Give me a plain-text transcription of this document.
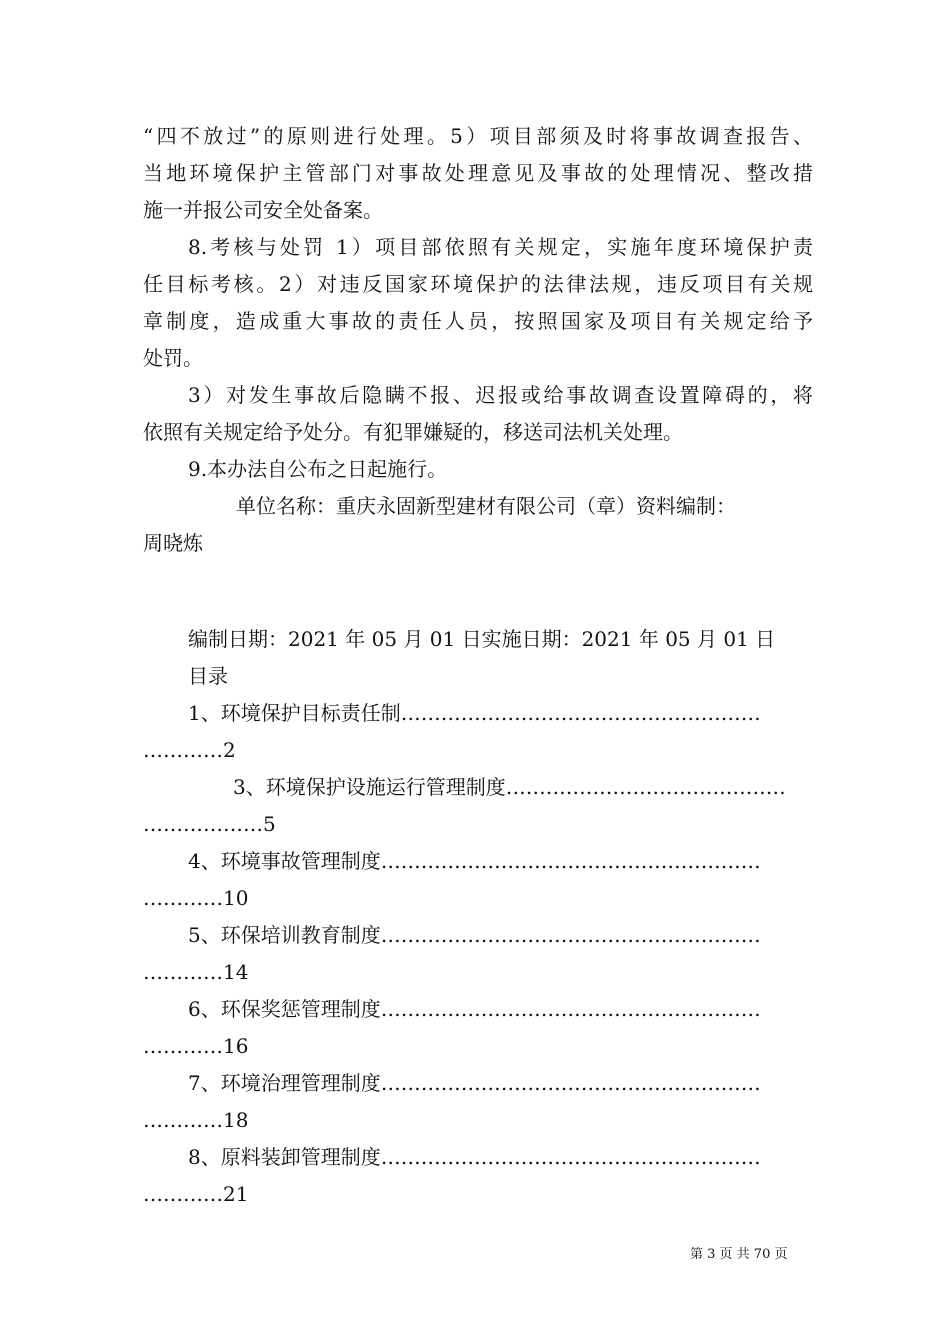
“四不放过”的原则进行处理。5）项目部须及时将事故调查报告、
当地环境保护主管部门对事故处理意见及事故的处理情况、整改措
施一并报公司安全处备案。
8.考核与处罚 1）项目部依照有关规定，实施年度环境保护责
任目标考核。2）对违反国家环境保护的法律法规，违反项目有关规
章制度，造成重大事故的责任人员，按照国家及项目有关规定给予
处罚。
3）对发生事故后隐瞒不报、迟报或给事故调查设置障碍的，将
依照有关规定给予处分。有犯罪嫌疑的，移送司法机关处理。
9.本办法自公布之日起施行。
单位名称：重庆永固新型建材有限公司（章）资料编制：
周晓炼
编制日期：2021 年 05 月 01 日实施日期：2021 年 05 月 01 日
目录
1、环境保护目标责任制………………………………………………
…………2
3、环境保护设施运行管理制度……………………………………
………………5
4、环境事故管理制度…………………………………………………
…………10
5、环保培训教育制度…………………………………………………
…………14
6、环保奖惩管理制度…………………………………………………
…………16
7、环境治理管理制度…………………………………………………
…………18
8、原料装卸管理制度…………………………………………………
…………21
第 3 页 共 70 页
